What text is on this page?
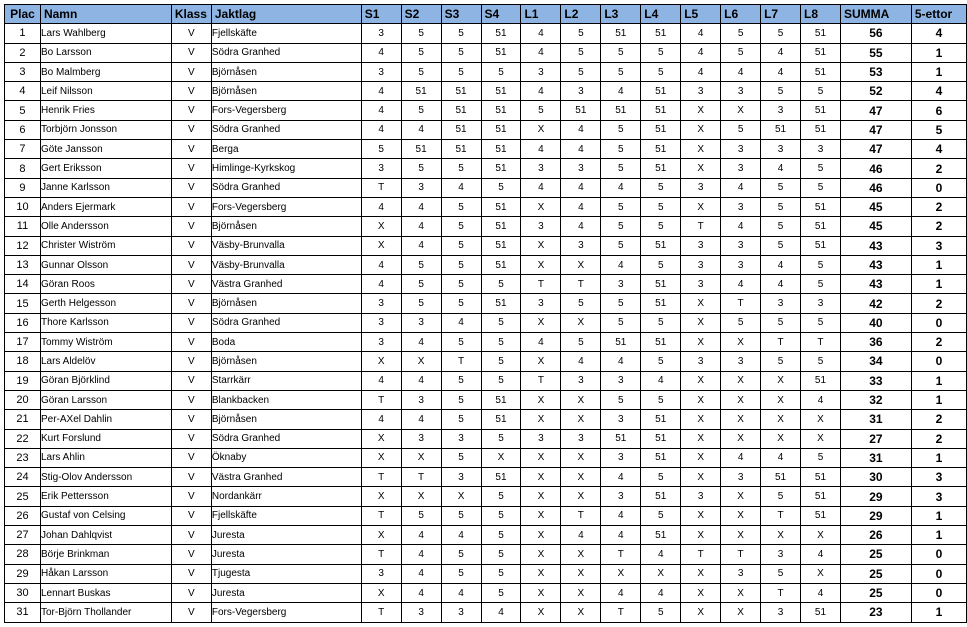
Plac	Namn	Klass	Jaktlag	S1	S2	S3	S4	L1	L2	L3	L4	L5	L6	L7	L8	SUMMA	5-ettor
1	Lars Wahlberg	V	Fjellskäfte	3	5	5	51	4	5	51	51	4	5	5	51	56	4
2	Bo Larsson	V	Södra Granhed	4	5	5	51	4	5	5	5	4	5	4	51	55	1
3	Bo Malmberg	V	Björnåsen	3	5	5	5	3	5	5	5	4	4	4	51	53	1
4	Leif Nilsson	V	Björnåsen	4	51	51	51	4	3	4	51	3	3	5	5	52	4
5	Henrik Fries	V	Fors-Vegersberg	4	5	51	51	5	51	51	51	X	X	3	51	47	6
6	Torbjörn Jonsson	V	Södra Granhed	4	4	51	51	X	4	5	51	X	5	51	51	47	5
7	Göte Jansson	V	Berga	5	51	51	51	4	4	5	51	X	3	3	3	47	4
8	Gert Eriksson	V	Himlinge-Kyrkskog	3	5	5	51	3	3	5	51	X	3	4	5	46	2
9	Janne Karlsson	V	Södra Granhed	T	3	4	5	4	4	4	5	3	4	5	5	46	0
10	Anders Ejermark	V	Fors-Vegersberg	4	4	5	51	X	4	5	5	X	3	5	51	45	2
11	Olle Andersson	V	Björnåsen	X	4	5	51	3	4	5	5	T	4	5	51	45	2
12	Christer Wiström	V	Väsby-Brunvalla	X	4	5	51	X	3	5	51	3	3	5	51	43	3
13	Gunnar Olsson	V	Väsby-Brunvalla	4	5	5	51	X	X	4	5	3	3	4	5	43	1
14	Göran Roos	V	Västra Granhed	4	5	5	5	T	T	3	51	3	4	4	5	43	1
15	Gerth Helgesson	V	Björnåsen	3	5	5	51	3	5	5	51	X	T	3	3	42	2
16	Thore Karlsson	V	Södra Granhed	3	3	4	5	X	X	5	5	X	5	5	5	40	0
17	Tommy Wiström	V	Boda	3	4	5	5	4	5	51	51	X	X	T	T	36	2
18	Lars Aldelöv	V	Björnåsen	X	X	T	5	X	4	4	5	3	3	5	5	34	0
19	Göran Björklind	V	Starrkärr	4	4	5	5	T	3	3	4	X	X	X	51	33	1
20	Göran Larsson	V	Blankbacken	T	3	5	51	X	X	5	5	X	X	X	4	32	1
21	Per-AXel Dahlin	V	Björnåsen	4	4	5	51	X	X	3	51	X	X	X	X	31	2
22	Kurt Forslund	V	Södra Granhed	X	3	3	5	3	3	51	51	X	X	X	X	27	2
23	Lars Ahlin	V	Öknaby	X	X	5	X	X	X	3	51	X	4	4	5	31	1
24	Stig-Olov Andersson	V	Västra Granhed	T	T	3	51	X	X	4	5	X	3	51	51	30	3
25	Erik Pettersson	V	Nordankärr	X	X	X	5	X	X	3	51	3	X	5	51	29	3
26	Gustaf von Celsing	V	Fjellskäfte	T	5	5	5	X	T	4	5	X	X	T	51	29	1
27	Johan Dahlqvist	V	Juresta	X	4	4	5	X	4	4	51	X	X	X	X	26	1
28	Börje Brinkman	V	Juresta	T	4	5	5	X	X	T	4	T	T	3	4	25	0
29	Håkan Larsson	V	Tjugesta	3	4	5	5	X	X	X	X	X	3	5	X	25	0
30	Lennart Buskas	V	Juresta	X	4	4	5	X	X	4	4	X	X	T	4	25	0
31	Tor-Björn Thollander	V	Fors-Vegersberg	T	3	3	4	X	X	T	5	X	X	3	51	23	1
